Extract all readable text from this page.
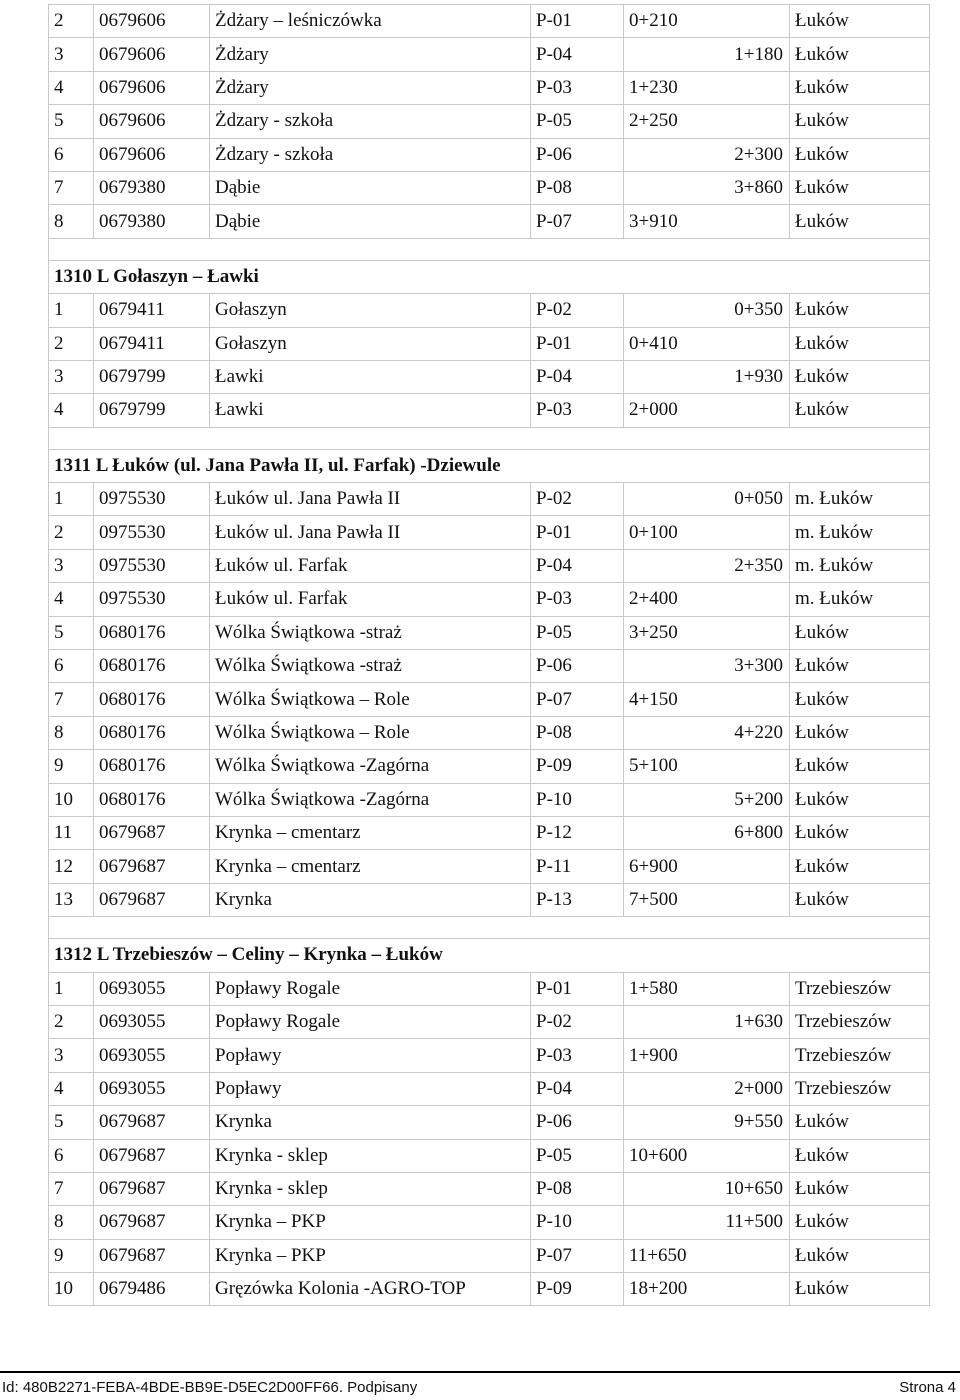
2	0679606	Żdżary – leśniczówka	P-01	0+210	Łuków
3	0679606	Żdżary	P-04	1+180	Łuków
4	0679606	Żdżary	P-03	1+230	Łuków
5	0679606	Żdzary - szkoła	P-05	2+250	Łuków
6	0679606	Żdzary - szkoła	P-06	2+300	Łuków
7	0679380	Dąbie	P-08	3+860	Łuków
8	0679380	Dąbie	P-07	3+910	Łuków

1310 L Gołaszyn – Ławki					
1	0679411	Gołaszyn	P-02	0+350	Łuków
2	0679411	Gołaszyn	P-01	0+410	Łuków
3	0679799	Ławki	P-04	1+930	Łuków
4	0679799	Ławki	P-03	2+000	Łuków

1311 L Łuków (ul. Jana Pawła II, ul. Farfak) -Dziewule					
1	0975530	Łuków ul. Jana Pawła II	P-02	0+050	m. Łuków
2	0975530	Łuków ul. Jana Pawła II	P-01	0+100	m. Łuków
3	0975530	Łuków ul. Farfak	P-04	2+350	m. Łuków
4	0975530	Łuków ul. Farfak	P-03	2+400	m. Łuków
5	0680176	Wólka Świątkowa -straż	P-05	3+250	Łuków
6	0680176	Wólka Świątkowa -straż	P-06	3+300	Łuków
7	0680176	Wólka Świątkowa – Role	P-07	4+150	Łuków
8	0680176	Wólka Świątkowa – Role	P-08	4+220	Łuków
9	0680176	Wólka Świątkowa -Zagórna	P-09	5+100	Łuków
10	0680176	Wólka Świątkowa -Zagórna	P-10	5+200	Łuków
11	0679687	Krynka – cmentarz	P-12	6+800	Łuków
12	0679687	Krynka – cmentarz	P-11	6+900	Łuków
13	0679687	Krynka	P-13	7+500	Łuków

1312 L Trzebieszów – Celiny – Krynka – Łuków					
1	0693055	Popławy Rogale	P-01	1+580	Trzebieszów
2	0693055	Popławy Rogale	P-02	1+630	Trzebieszów
3	0693055	Popławy	P-03	1+900	Trzebieszów
4	0693055	Popławy	P-04	2+000	Trzebieszów
5	0679687	Krynka	P-06	9+550	Łuków
6	0679687	Krynka - sklep	P-05	10+600	Łuków
7	0679687	Krynka - sklep	P-08	10+650	Łuków
8	0679687	Krynka – PKP	P-10	11+500	Łuków
9	0679687	Krynka – PKP	P-07	11+650	Łuków
10	0679486	Gręzówka Kolonia -AGRO-TOP	P-09	18+200	Łuków
Id: 480B2271-FEBA-4BDE-BB9E-D5EC2D00FF66. Podpisany	Strona 4
